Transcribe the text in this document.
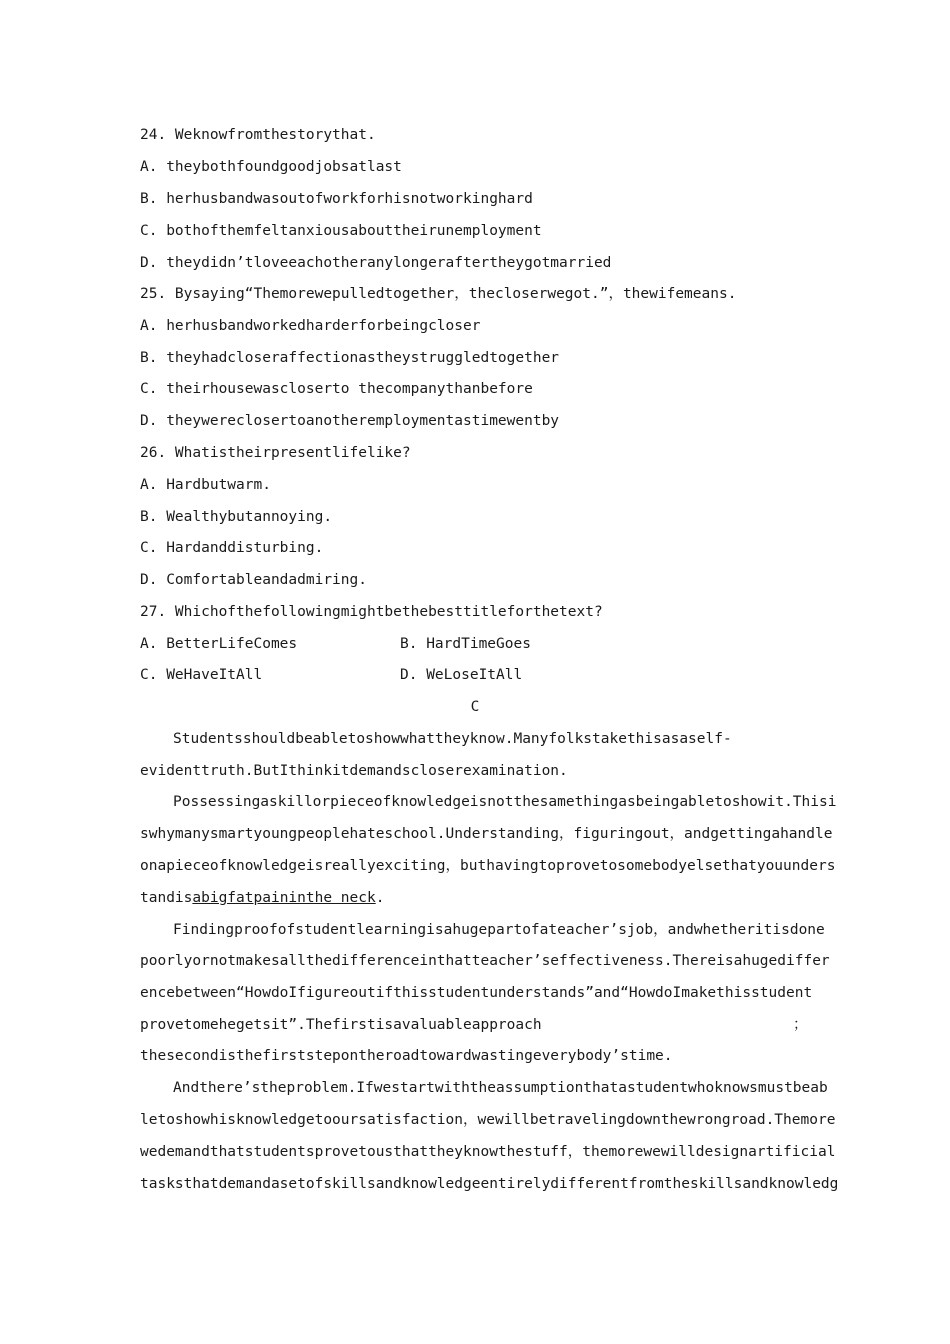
24. Weknowfromthestorythat.
A. theybothfoundgoodjobsatlast
B. herhusbandwasoutofworkforhisnotworkinghard
C. bothofthemfeltanxiousabouttheirunemployment
D. theydidn’tloveeachotheranylongeraftertheygotmarried
25. Bysaying“Themorewepulledtogether，thecloserwegot.”，thewifemeans.
A. herhusbandworkedharderforbeingcloser
B. theyhadcloseraffectionastheystruggledtogether
C. theirhousewascloserto thecompanythanbefore
D. theywereclosertoanotheremploymentastimewentby
26. Whatistheirpresentlifelike?
A. Hardbutwarm.
B. Wealthybutannoying.
C. Hardanddisturbing.
D. Comfortableandadmiring.
27. Whichofthefollowingmightbethebesttitleforthetext?
A. BetterLifeComes	B. HardTimeGoes
C. WeHaveItAll	D. WeLoseItAll
C
Studentsshouldbeabletoshowwhattheyknow.Manyfolkstakethisasaself-
evidenttruth.ButIthinkitdemandscloserexamination.
Possessingaskillorpieceofknowledgeisnotthesamethingasbeingabletoshowit.Thisi
swhymanysmartyoungpeoplehateschool.Understanding，figuringout，andgettingahandle
onapieceofknowledgeisreallyexciting，buthavingtoprovetosomebodyelsethatyouunders
tandisabigfatpaininthe neck.
Findingproofofstudentlearningisahugepartofateacher’sjob，andwhetheritisdone
poorlyornotmakesallthedifferenceinthatteacher’seffectiveness.Thereisahugediffer
encebetween“HowdoIfigureoutifthisstudentunderstands”and“HowdoImakethisstudent
provetomehegetsit”.Thefirstisavaluableapproach	；
thesecondisthefirststepontheroadtowardwastingeverybody’stime.
Andthere’stheproblem.Ifwestartwiththeassumptionthatastudentwhoknowsmustbeab
letoshowhisknowledgetooursatisfaction，wewillbetravelingdownthewrongroad.Themore
wedemandthatstudentsprovetousthattheyknowthestuff，themorewewilldesignartificial
tasksthatdemandasetofskillsandknowledgeentirelydifferentfromtheskillsandknowledg
